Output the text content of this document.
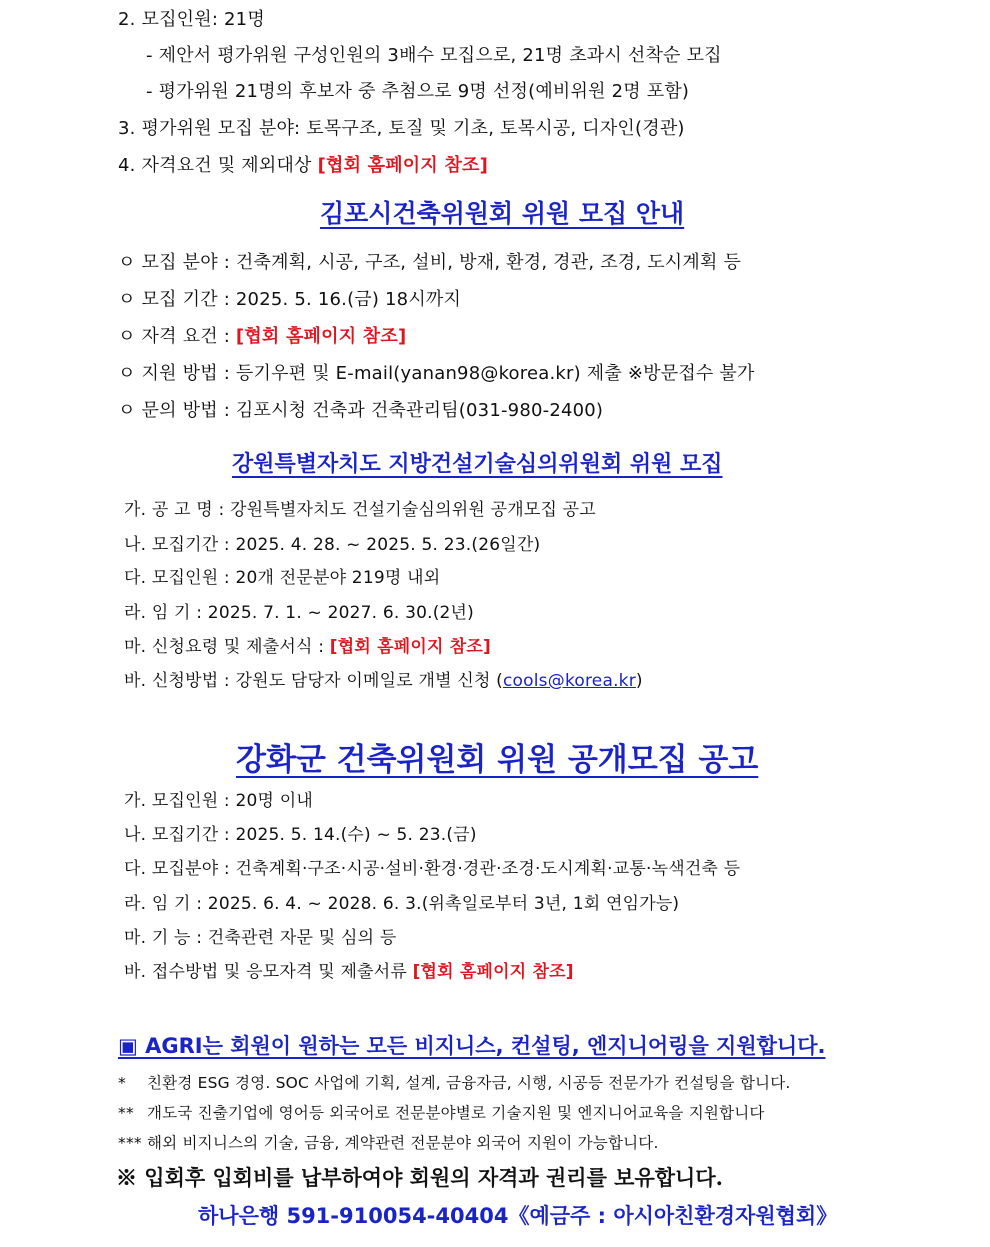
2. 모집인원: 21명
- 제안서 평가위원 구성인원의 3배수 모집으로, 21명 초과시 선착순 모집
- 평가위원 21명의 후보자 중 추첨으로 9명 선정(예비위원 2명 포함)
3. 평가위원 모집 분야: 토목구조, 토질 및 기초, 토목시공, 디자인(경관)
4. 자격요건 및 제외대상 [협회 홈페이지 참조]
김포시건축위원회 위원 모집 안내
ㅇ 모집 분야 : 건축계획, 시공, 구조, 설비, 방재, 환경, 경관, 조경, 도시계획 등
ㅇ 모집 기간 : 2025. 5. 16.(금) 18시까지
ㅇ 자격 요건 : [협회 홈페이지 참조]
ㅇ 지원 방법 : 등기우편 및 E-mail(yanan98@korea.kr) 제출 ※방문접수 불가
ㅇ 문의 방법 : 김포시청 건축과 건축관리팀(031-980-2400)
강원특별자치도 지방건설기술심의위원회 위원 모집
가. 공 고 명 : 강원특별자치도 건설기술심의위원 공개모집 공고
나. 모집기간 : 2025. 4. 28. ~ 2025. 5. 23.(26일간)
다. 모집인원 : 20개 전문분야 219명 내외
라. 임 기 : 2025. 7. 1. ~ 2027. 6. 30.(2년)
마. 신청요령 및 제출서식 : [협회 홈페이지 참조]
바. 신청방법 : 강원도 담당자 이메일로 개별 신청 (cools@korea.kr)
강화군 건축위원회 위원 공개모집 공고
가. 모집인원 : 20명 이내
나. 모집기간 : 2025. 5. 14.(수) ~ 5. 23.(금)
다. 모집분야 : 건축계획·구조·시공·설비·환경·경관·조경·도시계획·교통·녹색건축 등
라. 임 기 : 2025. 6. 4. ~ 2028. 6. 3.(위촉일로부터 3년, 1회 연임가능)
마. 기 능 : 건축관련 자문 및 심의 등
바. 접수방법 및 응모자격 및 제출서류 [협회 홈페이지 참조]
▣ AGRI는 회원이 원하는 모든 비지니스, 컨설팅, 엔지니어링을 지원합니다.
* 친환경 ESG 경영. SOC 사업에 기획, 설계, 금융자금, 시행, 시공등 전문가가 컨설팅을 합니다.
** 개도국 진출기업에 영어등 외국어로 전문분야별로 기술지원 및 엔지니어교육을 지원합니다
*** 해외 비지니스의 기술, 금융, 계약관련 전문분야 외국어 지원이 가능합니다.
※ 입회후 입회비를 납부하여야 회원의 자격과 권리를 보유합니다.
하나은행 591-910054-40404《예금주 : 아시아친환경자원협회》
